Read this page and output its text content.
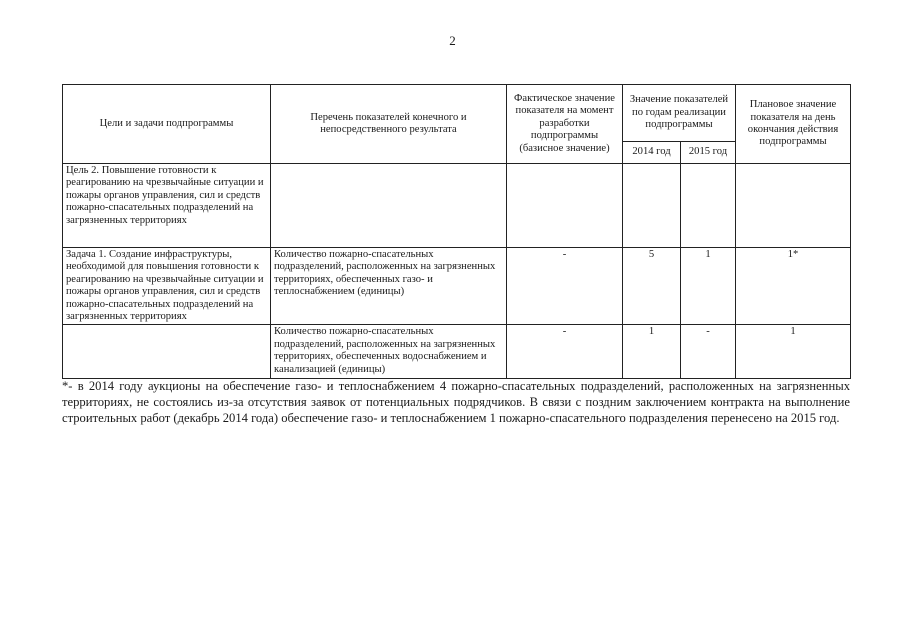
2
Цели и задачи подпрограммы	Перечень показателей конечного и непосредственного результата	Фактическое значение показателя на момент разработки подпрограммы (базисное значение)	Значение показателей по годам реализации подпрограммы		Плановое значение показателя на день окончания действия подпрограммы
			2014 год	2015 год	
Цель 2. Повышение готовности к реагированию на чрезвычайные ситуации и пожары органов управления, сил и средств пожарно-спасательных подразделений на загрязненных территориях					
Задача 1. Создание инфраструктуры, необходимой для повышения готовности к реагированию на чрезвычайные ситуации и пожары органов управления, сил и средств пожарно-спасательных подразделений на загрязненных территориях	Количество пожарно-спасательных подразделений, расположенных на загрязненных территориях, обеспеченных газо- и теплоснабжением (единицы)	-	5	1	1*
	Количество пожарно-спасательных подразделений, расположенных на загрязненных территориях, обеспеченных водоснабжением и канализацией (единицы)	-	1	-	1

*- в 2014 году аукционы на обеспечение газо- и теплоснабжением 4 пожарно-спасательных подразделений, расположенных на загрязненных территориях, не состоялись из-за отсутствия заявок от потенциальных подрядчиков. В связи с поздним заключением контракта на выполнение строительных работ (декабрь 2014 года) обеспечение газо- и теплоснабжением 1 пожарно-спасательного подразделения перенесено на 2015 год.
